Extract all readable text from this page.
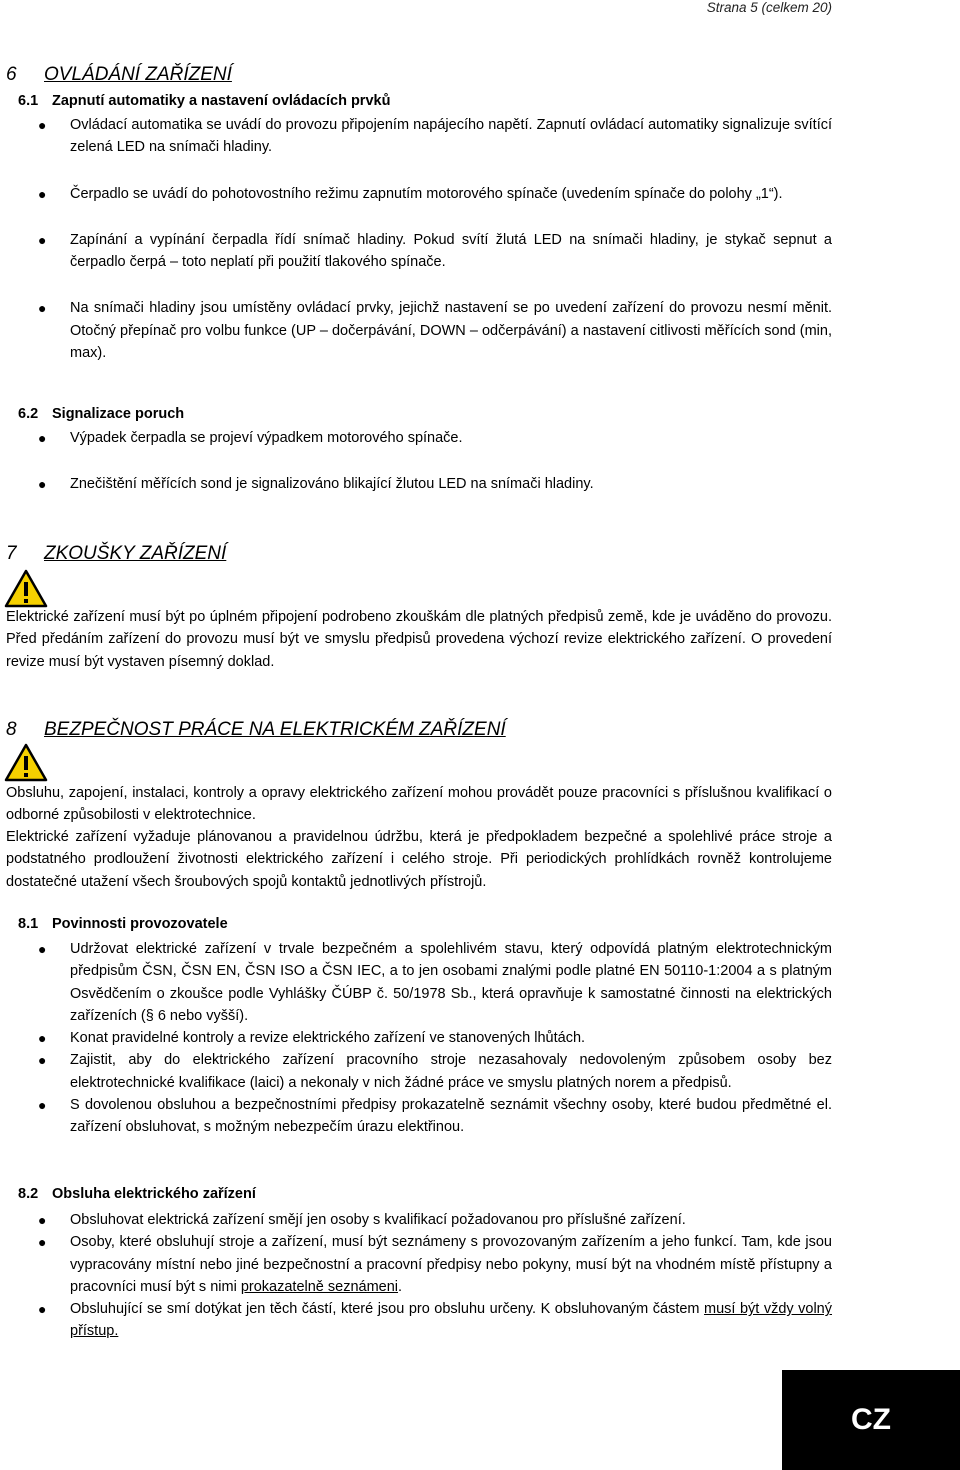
Strana 5 (celkem 20)
6 OVLÁDÁNÍ ZAŘÍZENÍ
6.1 Zapnutí automatiky a nastavení ovládacích prvků

● Ovládací automatika se uvádí do provozu připojením napájecího napětí. Zapnutí ovládací automatiky signalizuje svítící zelená LED na snímači hladiny.

● Čerpadlo se uvádí do pohotovostního režimu zapnutím motorového spínače (uvedením spínače do polohy „1“).

● Zapínání a vypínání čerpadla řídí snímač hladiny. Pokud svítí žlutá LED na snímači hladiny, je stykač sepnut a čerpadlo čerpá – toto neplatí při použití tlakového spínače.

● Na snímači hladiny jsou umístěny ovládací prvky, jejichž nastavení se po uvedení zařízení do provozu nesmí měnit. Otočný přepínač pro volbu funkce (UP – dočerpávání, DOWN – odčerpávání) a nastavení citlivosti měřících sond (min, max).

6.2 Signalizace poruch

● Výpadek čerpadla se projeví výpadkem motorového spínače.

● Znečištění měřících sond je signalizováno blikající žlutou LED na snímači hladiny.

7 ZKOUŠKY ZAŘÍZENÍ

Elektrické zařízení musí být po úplném připojení podrobeno zkouškám dle platných předpisů země, kde je uváděno do provozu. Před předáním zařízení do provozu musí být ve smyslu předpisů provedena výchozí revize elektrického zařízení. O provedení revize musí být vystaven písemný doklad.

8 BEZPEČNOST PRÁCE NA ELEKTRICKÉM ZAŘÍZENÍ

Obsluhu, zapojení, instalaci, kontroly a opravy elektrického zařízení mohou provádět pouze pracovníci s příslušnou kvalifikací o odborné způsobilosti v elektrotechnice.

Elektrické zařízení vyžaduje plánovanou a pravidelnou údržbu, která je předpokladem bezpečné a spolehlivé práce stroje a podstatného prodloužení životnosti elektrického zařízení i celého stroje. Při periodických prohlídkách rovněž kontrolujeme dostatečné utažení všech šroubových spojů kontaktů jednotlivých přístrojů.

8.1 Povinnosti provozovatele

● Udržovat elektrické zařízení v trvale bezpečném a spolehlivém stavu, který odpovídá platným elektrotechnickým předpisům ČSN, ČSN EN, ČSN ISO a ČSN IEC, a to jen osobami znalými podle platné EN 50110-1:2004 a s platným Osvědčením o zkoušce podle Vyhlášky ČÚBP č. 50/1978 Sb., která opravňuje k samostatné činnosti na elektrických zařízeních (§ 6 nebo vyšší).

● Konat pravidelné kontroly a revize elektrického zařízení ve stanovených lhůtách.

● Zajistit, aby do elektrického zařízení pracovního stroje nezasahovaly nedovoleným způsobem osoby bez elektrotechnické kvalifikace (laici) a nekonaly v nich žádné práce ve smyslu platných norem a předpisů.

● S dovolenou obsluhou a bezpečnostními předpisy prokazatelně seznámit všechny osoby, které budou předmětné el. zařízení obsluhovat, s možným nebezpečím úrazu elektřinou.

8.2 Obsluha elektrického zařízení

● Obsluhovat elektrická zařízení smějí jen osoby s kvalifikací požadovanou pro příslušné zařízení.

● Osoby, které obsluhují stroje a zařízení, musí být seznámeny s provozovaným zařízením a jeho funkcí. Tam, kde jsou vypracovány místní nebo jiné bezpečnostní a pracovní předpisy nebo pokyny, musí být na vhodném místě přístupny a pracovníci musí být s nimi prokazatelně seznámeni.

● Obsluhující se smí dotýkat jen těch částí, které jsou pro obsluhu určeny. K obsluhovaným částem musí být vždy volný přístup.

CZ
